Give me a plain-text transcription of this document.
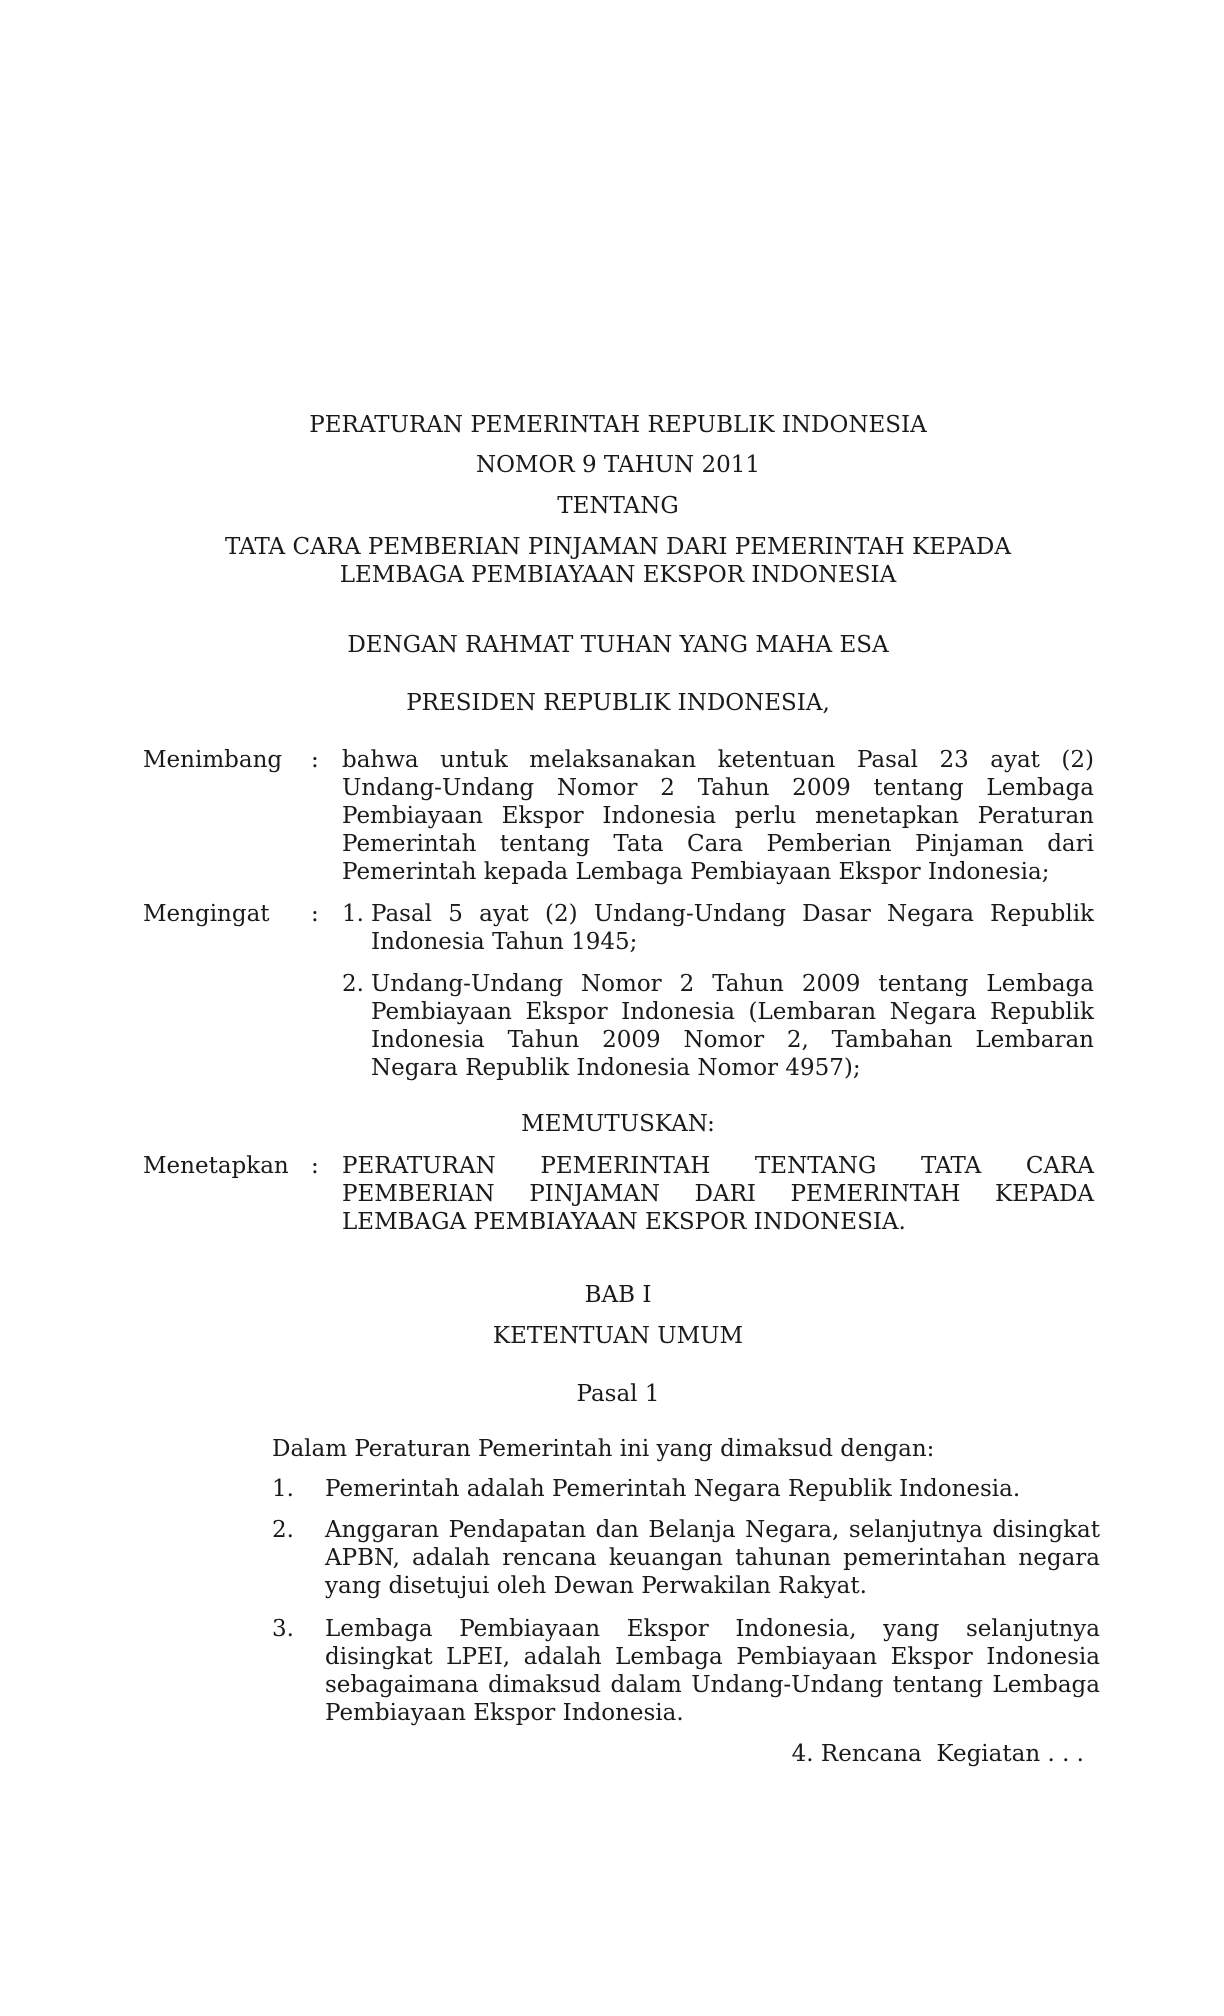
PERATURAN PEMERINTAH REPUBLIK INDONESIA
NOMOR 9 TAHUN 2011
TENTANG
TATA CARA PEMBERIAN PINJAMAN DARI PEMERINTAH KEPADA
LEMBAGA PEMBIAYAAN EKSPOR INDONESIA
DENGAN RAHMAT TUHAN YANG MAHA ESA
PRESIDEN REPUBLIK INDONESIA,
Menimbang : bahwa untuk melaksanakan ketentuan Pasal 23 ayat (2) Undang-Undang Nomor 2 Tahun 2009 tentang Lembaga Pembiayaan Ekspor Indonesia perlu menetapkan Peraturan Pemerintah tentang Tata Cara Pemberian Pinjaman dari Pemerintah kepada Lembaga Pembiayaan Ekspor Indonesia;
Mengingat : 1. Pasal 5 ayat (2) Undang-Undang Dasar Negara Republik Indonesia Tahun 1945;
2. Undang-Undang Nomor 2 Tahun 2009 tentang Lembaga Pembiayaan Ekspor Indonesia (Lembaran Negara Republik Indonesia Tahun 2009 Nomor 2, Tambahan Lembaran Negara Republik Indonesia Nomor 4957);
MEMUTUSKAN:
Menetapkan : PERATURAN PEMERINTAH TENTANG TATA CARA PEMBERIAN PINJAMAN DARI PEMERINTAH KEPADA LEMBAGA PEMBIAYAAN EKSPOR INDONESIA.
BAB I
KETENTUAN UMUM
Pasal 1
Dalam Peraturan Pemerintah ini yang dimaksud dengan:
1. Pemerintah adalah Pemerintah Negara Republik Indonesia.
2. Anggaran Pendapatan dan Belanja Negara, selanjutnya disingkat APBN, adalah rencana keuangan tahunan pemerintahan negara yang disetujui oleh Dewan Perwakilan Rakyat.
3. Lembaga Pembiayaan Ekspor Indonesia, yang selanjutnya disingkat LPEI, adalah Lembaga Pembiayaan Ekspor Indonesia sebagaimana dimaksud dalam Undang-Undang tentang Lembaga Pembiayaan Ekspor Indonesia.
4. Rencana  Kegiatan . . .
